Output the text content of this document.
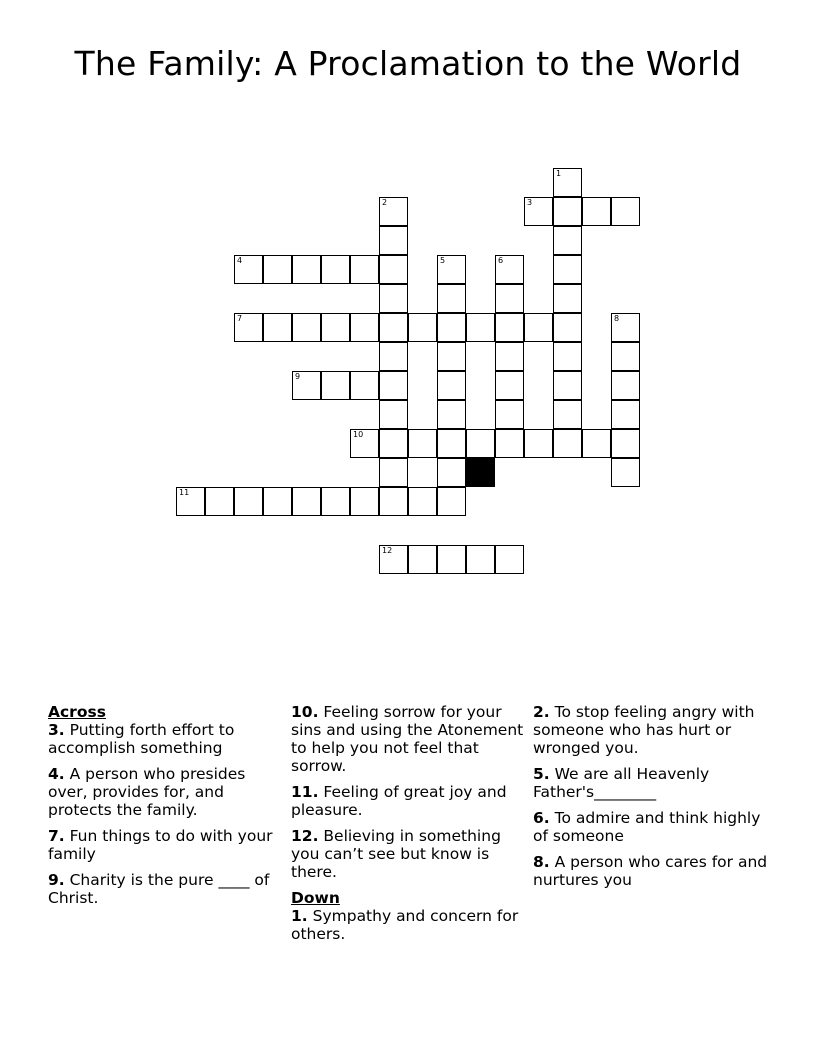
The Family: A Proclamation to the World
1
2	3
4	5	6
7	8
9
10
11
12
Across
3. Putting forth effort to accomplish something
4. A person who presides over, provides for, and protects the family.
7. Fun things to do with your family
9. Charity is the pure ____ of Christ.
10. Feeling sorrow for your sins and using the Atonement to help you not feel that sorrow.
11. Feeling of great joy and pleasure.
12. Believing in something you can’t see but know is there.
Down
1. Sympathy and concern for others.
2. To stop feeling angry with someone who has hurt or wronged you.
5. We are all Heavenly Father's________
6. To admire and think highly of someone
8. A person who cares for and nurtures you
